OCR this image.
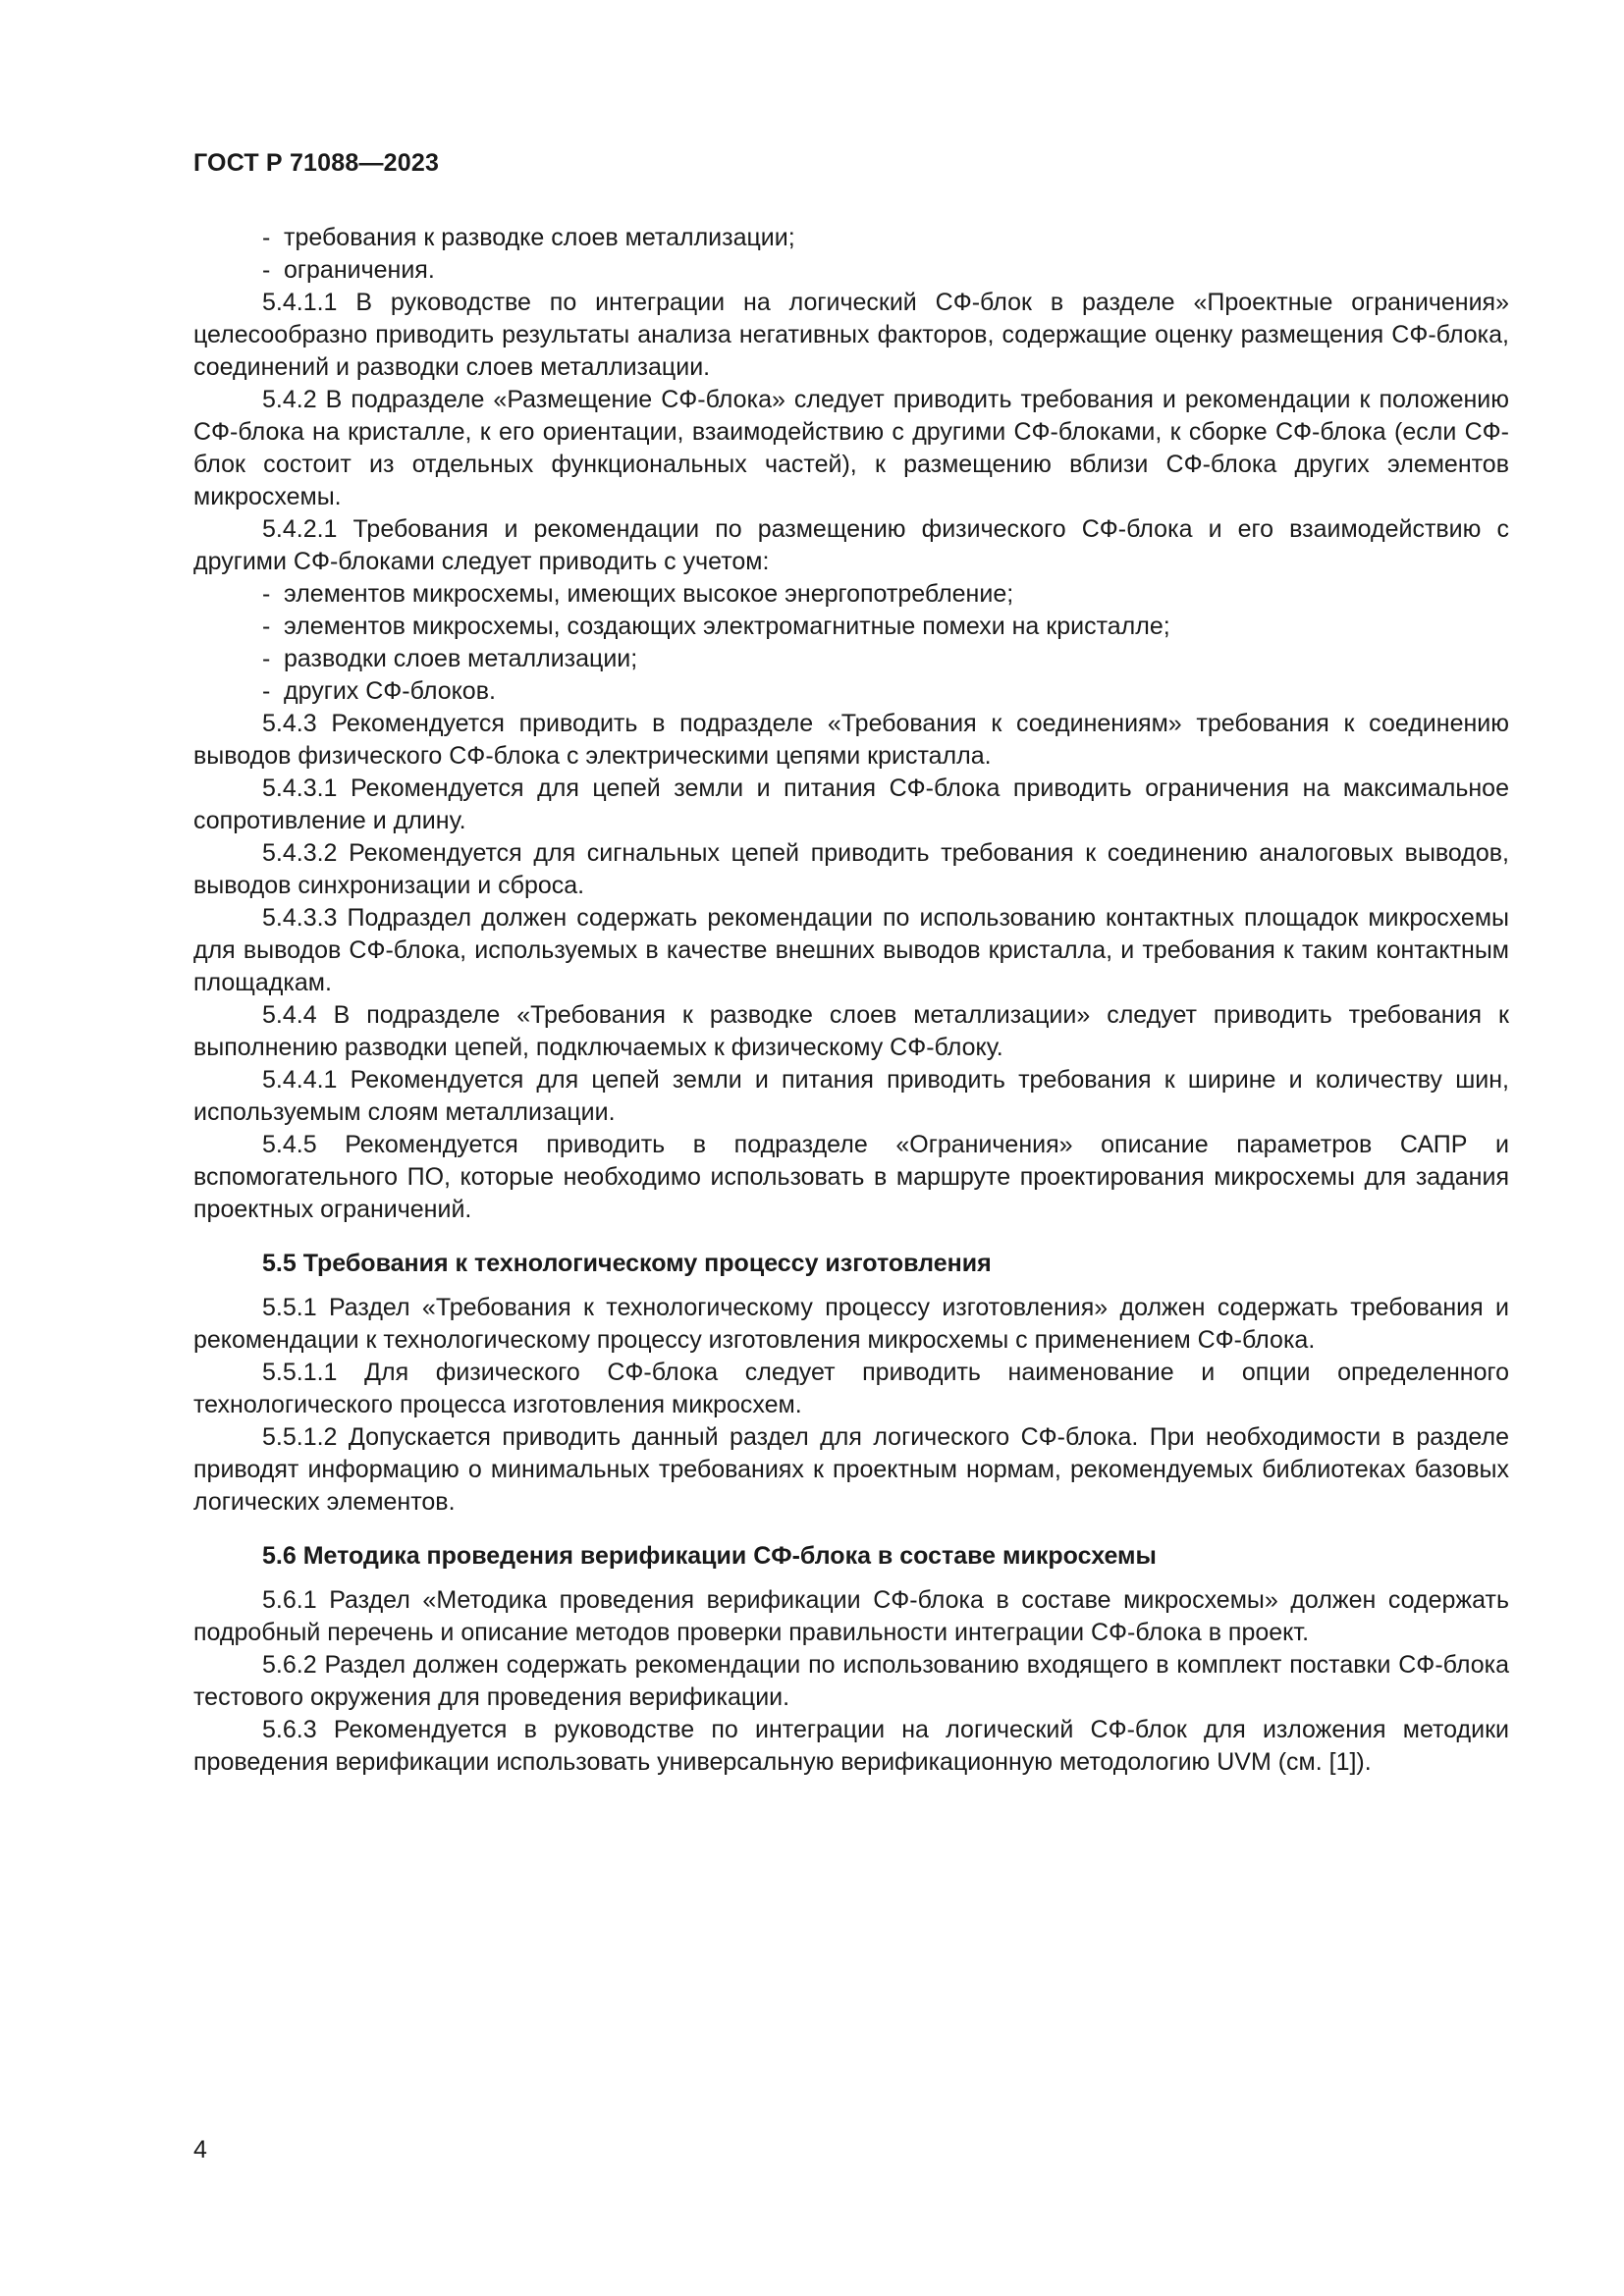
ГОСТ Р 71088—2023
- требования к разводке слоев металлизации;
- ограничения.

5.4.1.1 В руководстве по интеграции на логический СФ-блок в разделе «Проектные ограничения» целесообразно приводить результаты анализа негативных факторов, содержащие оценку размещения СФ-блока, соединений и разводки слоев металлизации.

5.4.2 В подразделе «Размещение СФ-блока» следует приводить требования и рекомендации к положению СФ-блока на кристалле, к его ориентации, взаимодействию с другими СФ-блоками, к сборке СФ-блока (если СФ-блок состоит из отдельных функциональных частей), к размещению вблизи СФ-блока других элементов микросхемы.

5.4.2.1 Требования и рекомендации по размещению физического СФ-блока и его взаимодействию с другими СФ-блоками следует приводить с учетом:

- элементов микросхемы, имеющих высокое энергопотребление;
- элементов микросхемы, создающих электромагнитные помехи на кристалле;
- разводки слоев металлизации;
- других СФ-блоков.

5.4.3 Рекомендуется приводить в подразделе «Требования к соединениям» требования к соединению выводов физического СФ-блока с электрическими цепями кристалла.

5.4.3.1 Рекомендуется для цепей земли и питания СФ-блока приводить ограничения на максимальное сопротивление и длину.

5.4.3.2 Рекомендуется для сигнальных цепей приводить требования к соединению аналоговых выводов, выводов синхронизации и сброса.

5.4.3.3 Подраздел должен содержать рекомендации по использованию контактных площадок микросхемы для выводов СФ-блока, используемых в качестве внешних выводов кристалла, и требования к таким контактным площадкам.

5.4.4 В подразделе «Требования к разводке слоев металлизации» следует приводить требования к выполнению разводки цепей, подключаемых к физическому СФ-блоку.

5.4.4.1 Рекомендуется для цепей земли и питания приводить требования к ширине и количеству шин, используемым слоям металлизации.

5.4.5 Рекомендуется приводить в подразделе «Ограничения» описание параметров САПР и вспомогательного ПО, которые необходимо использовать в маршруте проектирования микросхемы для задания проектных ограничений.

5.5 Требования к технологическому процессу изготовления

5.5.1 Раздел «Требования к технологическому процессу изготовления» должен содержать требования и рекомендации к технологическому процессу изготовления микросхемы с применением СФ-блока.

5.5.1.1 Для физического СФ-блока следует приводить наименование и опции определенного технологического процесса изготовления микросхем.

5.5.1.2 Допускается приводить данный раздел для логического СФ-блока. При необходимости в разделе приводят информацию о минимальных требованиях к проектным нормам, рекомендуемых библиотеках базовых логических элементов.

5.6 Методика проведения верификации СФ-блока в составе микросхемы

5.6.1 Раздел «Методика проведения верификации СФ-блока в составе микросхемы» должен содержать подробный перечень и описание методов проверки правильности интеграции СФ-блока в проект.

5.6.2 Раздел должен содержать рекомендации по использованию входящего в комплект поставки СФ-блока тестового окружения для проведения верификации.

5.6.3 Рекомендуется в руководстве по интеграции на логический СФ-блок для изложения методики проведения верификации использовать универсальную верификационную методологию UVM (см. [1]).

4
